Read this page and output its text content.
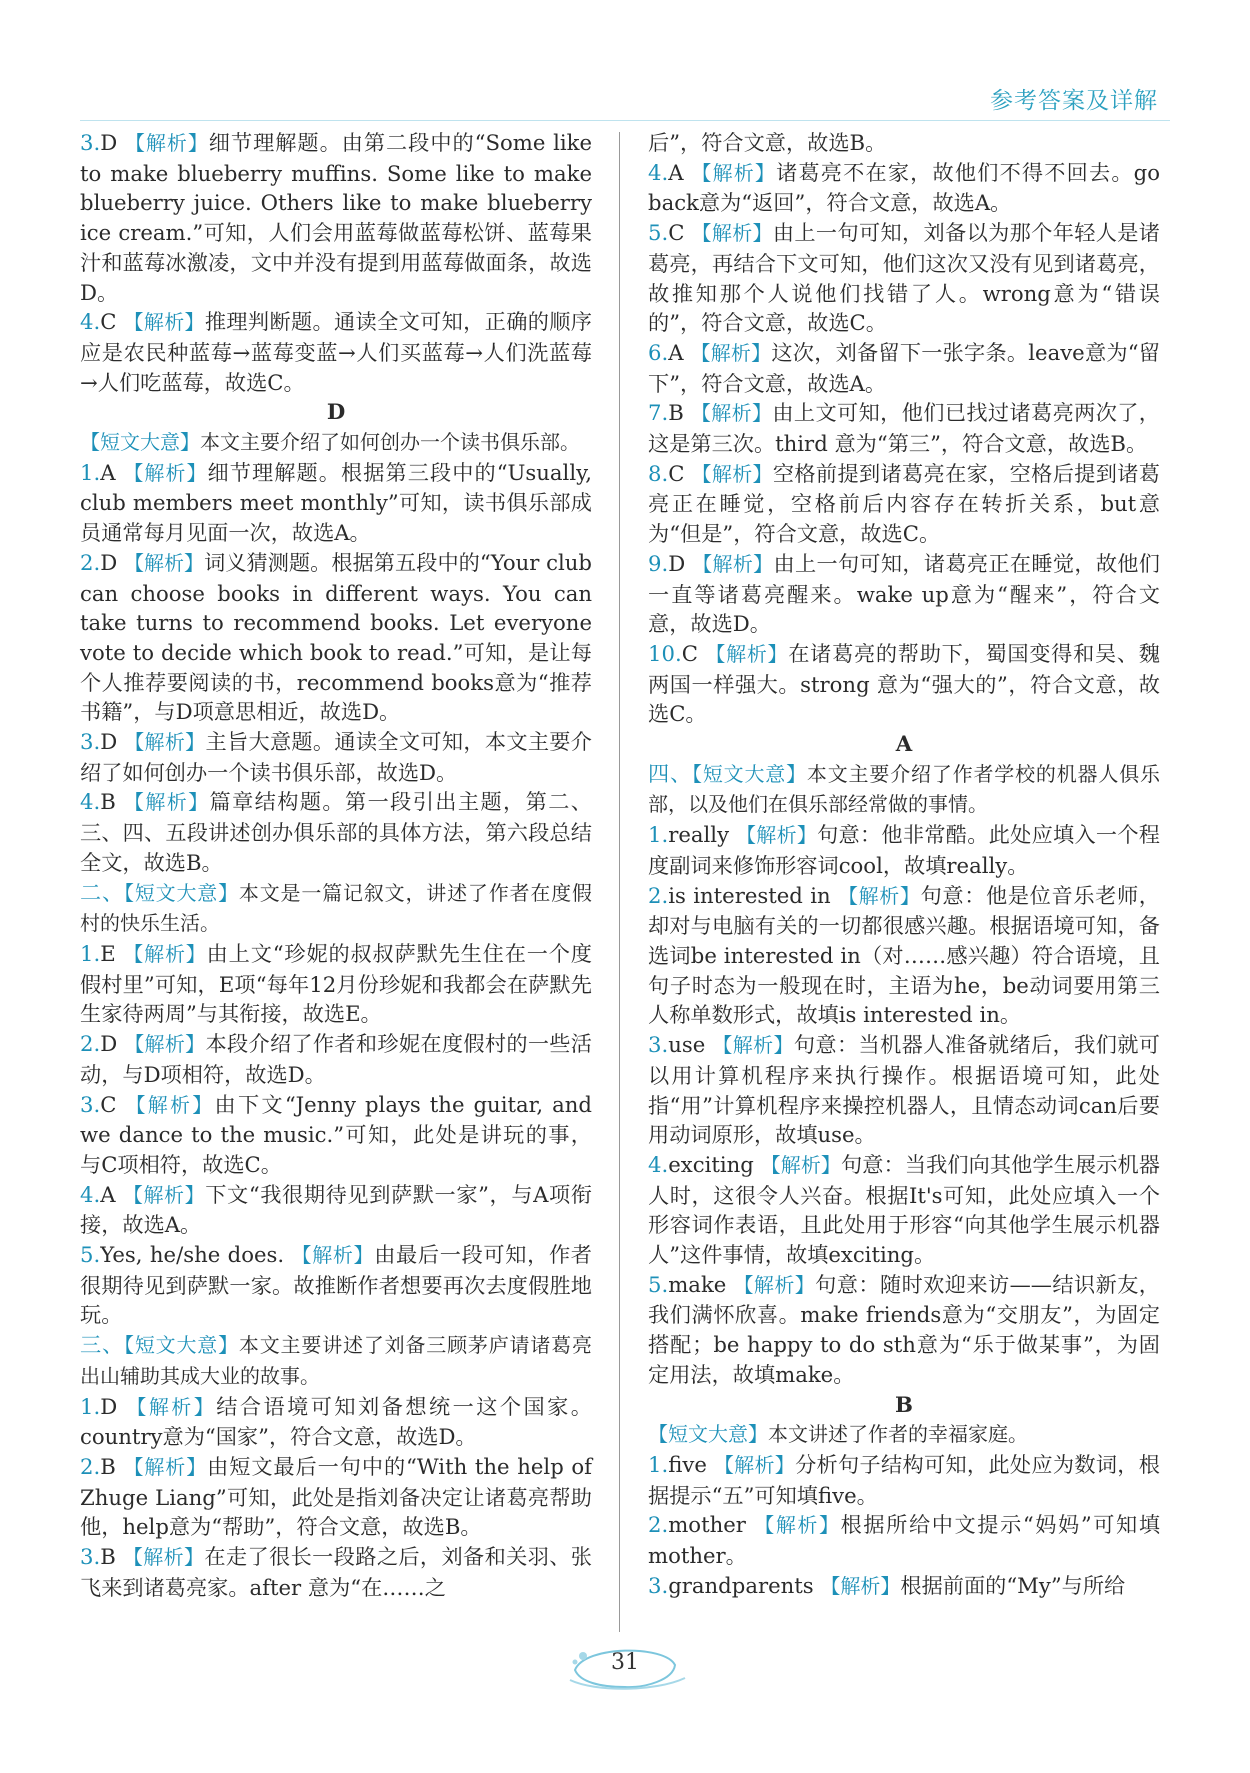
参考答案及详解

3.D 【解析】细节理解题。由第二段中的“Some like to make blueberry muffins. Some like to make blueberry juice. Others like to make blueberry ice cream.”可知，人们会用蓝莓做蓝莓松饼、蓝莓果汁和蓝莓冰激凌，文中并没有提到用蓝莓做面条，故选D。

4.C 【解析】推理判断题。通读全文可知，正确的顺序应是农民种蓝莓→蓝莓变蓝→人们买蓝莓→人们洗蓝莓→人们吃蓝莓，故选C。

D

【短文大意】本文主要介绍了如何创办一个读书俱乐部。

1.A 【解析】细节理解题。根据第三段中的“Usually, club members meet monthly”可知，读书俱乐部成员通常每月见面一次，故选A。

2.D 【解析】词义猜测题。根据第五段中的“Your club can choose books in different ways. You can take turns to recommend books. Let everyone vote to decide which book to read.”可知，是让每个人推荐要阅读的书，recommend books意为“推荐书籍”，与D项意思相近，故选D。

3.D 【解析】主旨大意题。通读全文可知，本文主要介绍了如何创办一个读书俱乐部，故选D。

4.B 【解析】篇章结构题。第一段引出主题，第二、三、四、五段讲述创办俱乐部的具体方法，第六段总结全文，故选B。

二、【短文大意】本文是一篇记叙文，讲述了作者在度假村的快乐生活。

1.E 【解析】由上文“珍妮的叔叔萨默先生住在一个度假村里”可知，E项“每年12月份珍妮和我都会在萨默先生家待两周”与其衔接，故选E。

2.D 【解析】本段介绍了作者和珍妮在度假村的一些活动，与D项相符，故选D。

3.C 【解析】由下文“Jenny plays the guitar, and we dance to the music.”可知，此处是讲玩的事，与C项相符，故选C。

4.A 【解析】下文“我很期待见到萨默一家”，与A项衔接，故选A。

5.Yes, he/she does. 【解析】由最后一段可知，作者很期待见到萨默一家。故推断作者想要再次去度假胜地玩。

三、【短文大意】本文主要讲述了刘备三顾茅庐请诸葛亮出山辅助其成大业的故事。

1.D 【解析】结合语境可知刘备想统一这个国家。country意为“国家”，符合文意，故选D。

2.B 【解析】由短文最后一句中的“With the help of Zhuge Liang”可知，此处是指刘备决定让诸葛亮帮助他，help意为“帮助”，符合文意，故选B。

3.B 【解析】在走了很长一段路之后，刘备和关羽、张飞来到诸葛亮家。after 意为“在……之

后”，符合文意，故选B。

4.A 【解析】诸葛亮不在家，故他们不得不回去。go back意为“返回”，符合文意，故选A。

5.C 【解析】由上一句可知，刘备以为那个年轻人是诸葛亮，再结合下文可知，他们这次又没有见到诸葛亮，故推知那个人说他们找错了人。wrong意为“错误的”，符合文意，故选C。

6.A 【解析】这次，刘备留下一张字条。leave意为“留下”，符合文意，故选A。

7.B 【解析】由上文可知，他们已找过诸葛亮两次了，这是第三次。third 意为“第三”，符合文意，故选B。

8.C 【解析】空格前提到诸葛亮在家，空格后提到诸葛亮正在睡觉，空格前后内容存在转折关系，but意为“但是”，符合文意，故选C。

9.D 【解析】由上一句可知，诸葛亮正在睡觉，故他们一直等诸葛亮醒来。wake up意为“醒来”，符合文意，故选D。

10.C 【解析】在诸葛亮的帮助下，蜀国变得和吴、魏两国一样强大。strong 意为“强大的”，符合文意，故选C。

A

四、【短文大意】本文主要介绍了作者学校的机器人俱乐部，以及他们在俱乐部经常做的事情。

1.really 【解析】句意：他非常酷。此处应填入一个程度副词来修饰形容词cool，故填really。

2.is interested in 【解析】句意：他是位音乐老师，却对与电脑有关的一切都很感兴趣。根据语境可知，备选词be interested in（对……感兴趣）符合语境，且句子时态为一般现在时，主语为he，be动词要用第三人称单数形式，故填is interested in。

3.use 【解析】句意：当机器人准备就绪后，我们就可以用计算机程序来执行操作。根据语境可知，此处指“用”计算机程序来操控机器人，且情态动词can后要用动词原形，故填use。

4.exciting 【解析】句意：当我们向其他学生展示机器人时，这很令人兴奋。根据It's可知，此处应填入一个形容词作表语，且此处用于形容“向其他学生展示机器人”这件事情，故填exciting。

5.make 【解析】句意：随时欢迎来访——结识新友，我们满怀欣喜。make friends意为“交朋友”，为固定搭配；be happy to do sth意为“乐于做某事”，为固定用法，故填make。

B

【短文大意】本文讲述了作者的幸福家庭。

1.five 【解析】分析句子结构可知，此处应为数词，根据提示“五”可知填five。

2.mother 【解析】根据所给中文提示“妈妈”可知填mother。

3.grandparents 【解析】根据前面的“My”与所给

31
